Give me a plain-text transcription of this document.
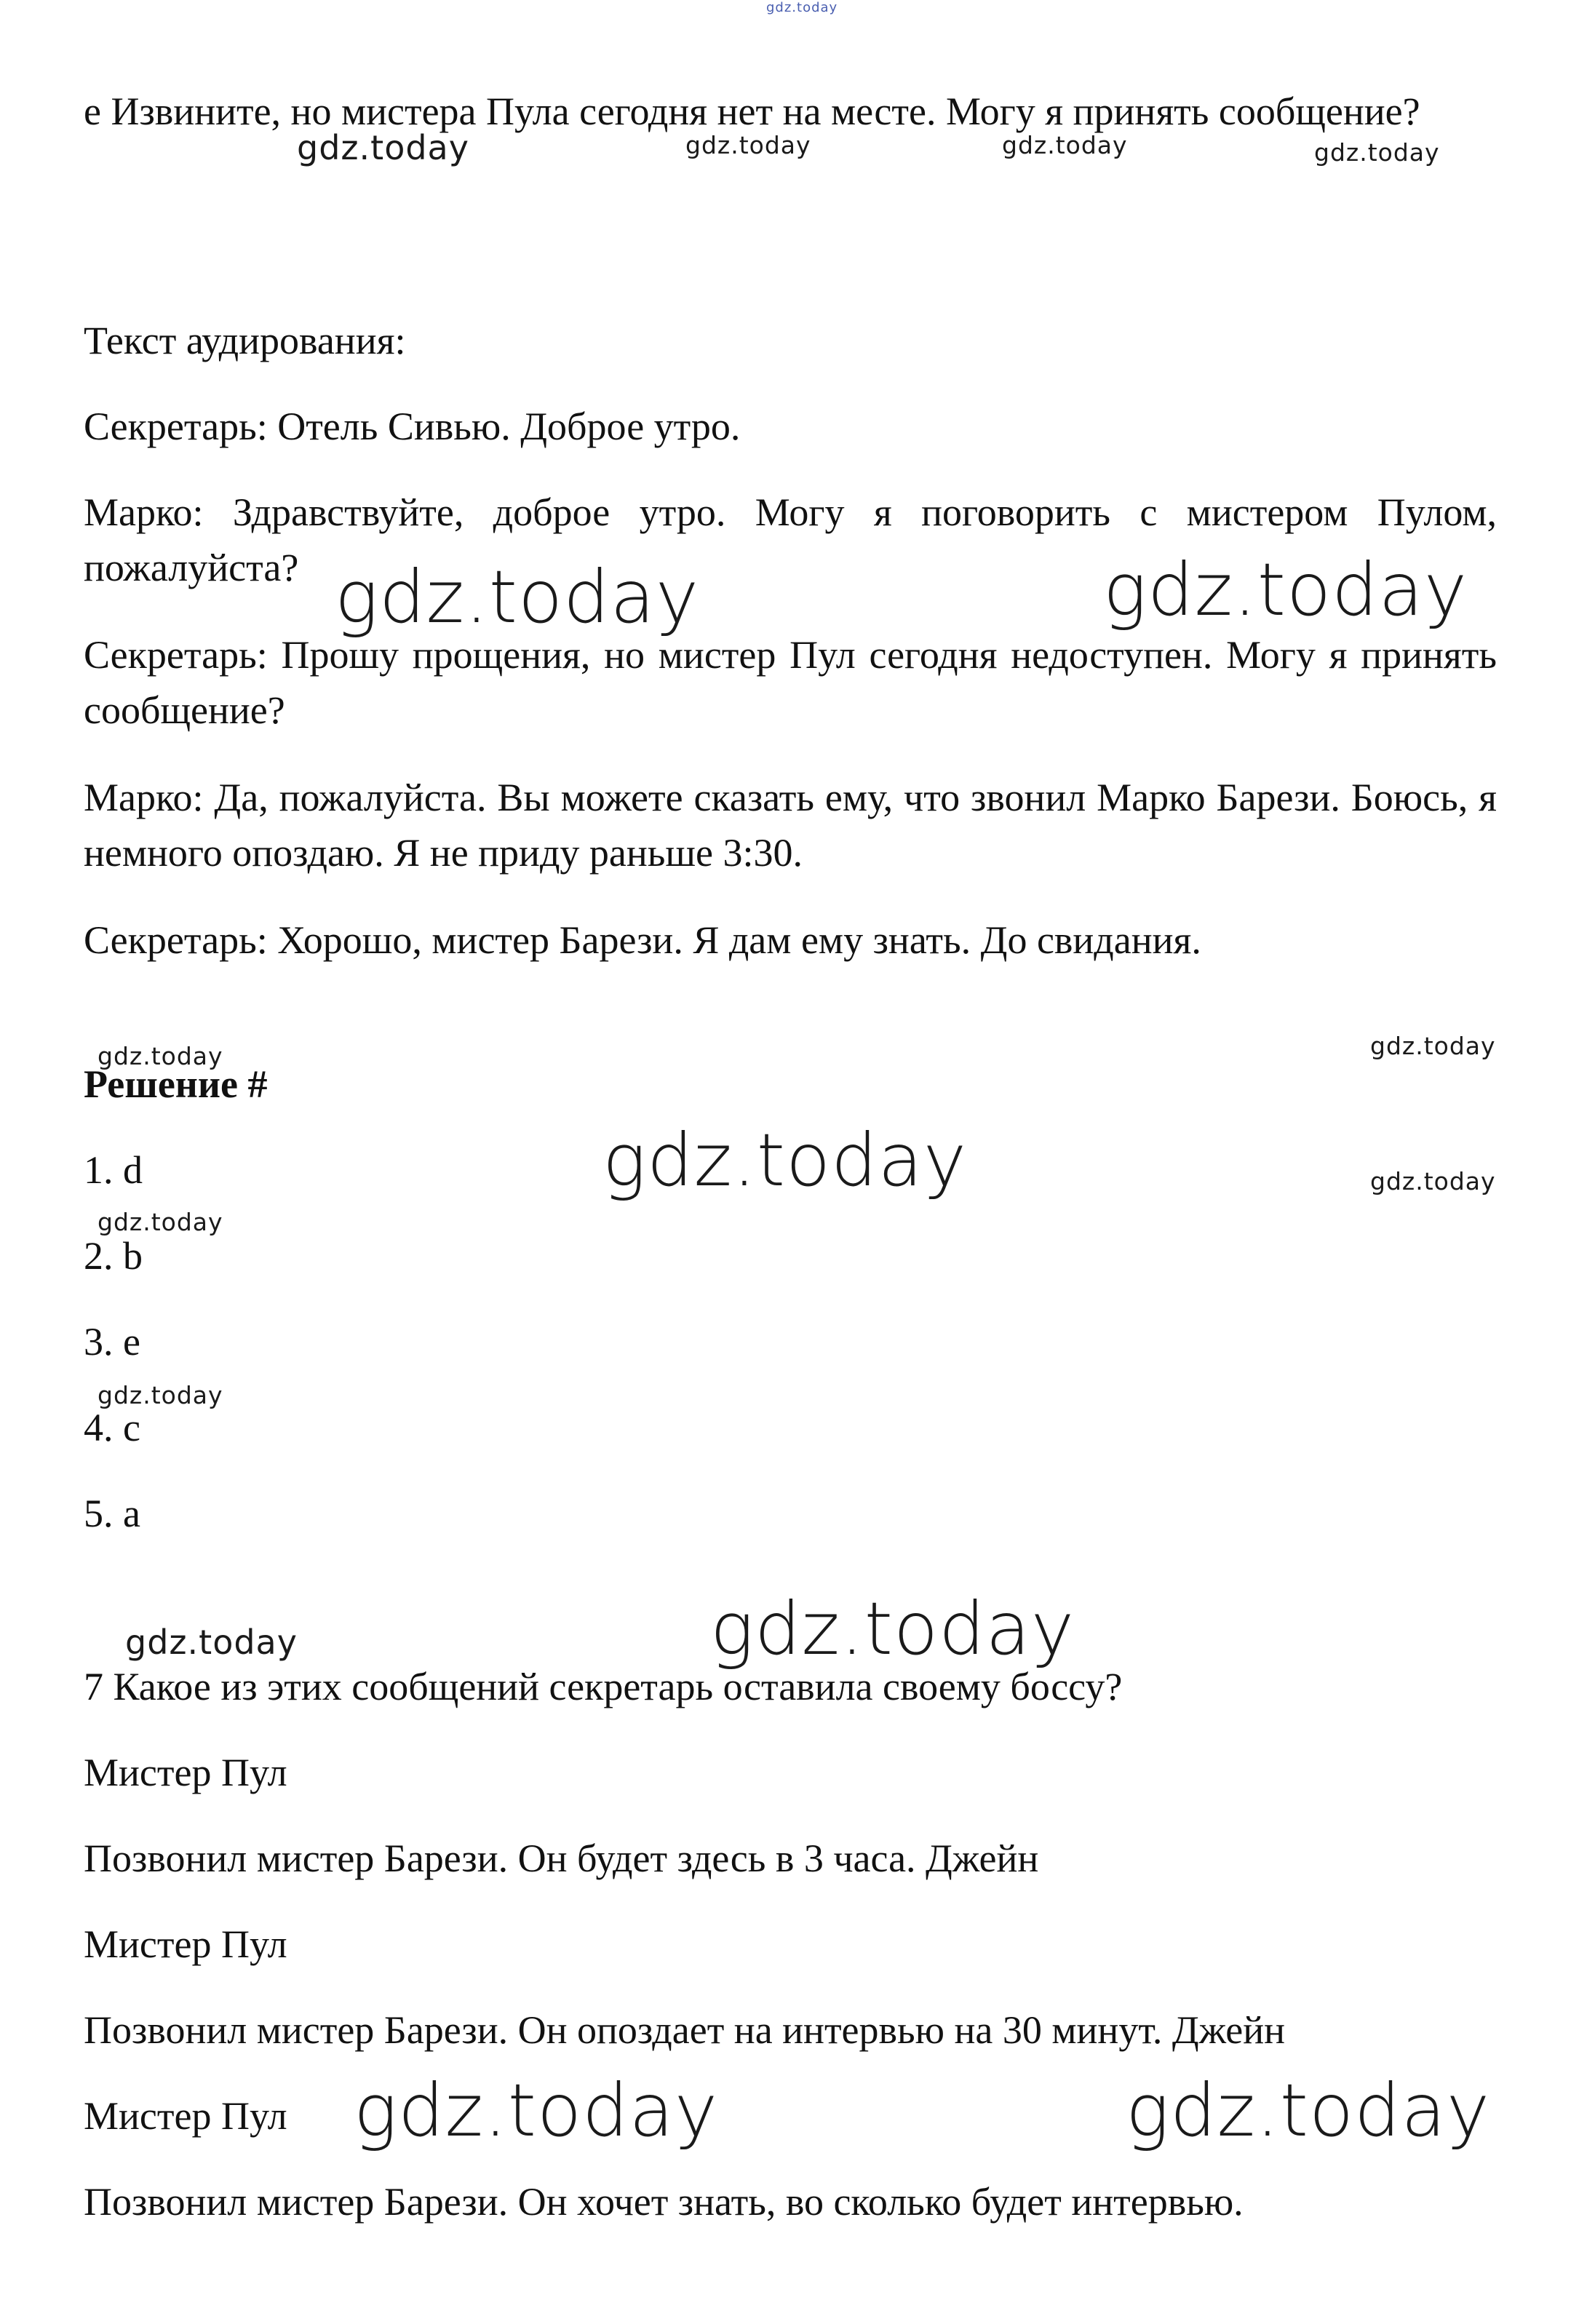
gdz.today
е Извините, но мистера Пула сегодня нет на месте. Могу я принять сообщение?
Текст аудирования:
Секретарь: Отель Сивью. Доброе утро.
Марко: Здравствуйте, доброе утро. Могу я поговорить с мистером Пулом, пожалуйста?
Секретарь: Прошу прощения, но мистер Пул сегодня недоступен. Могу я принять сообщение?
Марко: Да, пожалуйста. Вы можете сказать ему, что звонил Марко Барези. Боюсь, я немного опоздаю. Я не приду раньше 3:30.
Секретарь: Хорошо, мистер Барези. Я дам ему знать. До свидания.
Решение #
1. d
2. b
3. e
4. c
5. a
7 Какое из этих сообщений секретарь оставила своему боссу?
Мистер Пул
Позвонил мистер Барези. Он будет здесь в 3 часа. Джейн
Мистер Пул
Позвонил мистер Барези. Он опоздает на интервью на 30 минут. Джейн
Мистер Пул
Позвонил мистер Барези. Он хочет знать, во сколько будет интервью.
gdz.today	gdz.today	gdz.today	gdz.today
gdz.today	gdz.today
gdz.today	gdz.today
gdz.today	gdz.today
gdz.today
gdz.today
gdz.today	gdz.today
gdz.today	gdz.today
